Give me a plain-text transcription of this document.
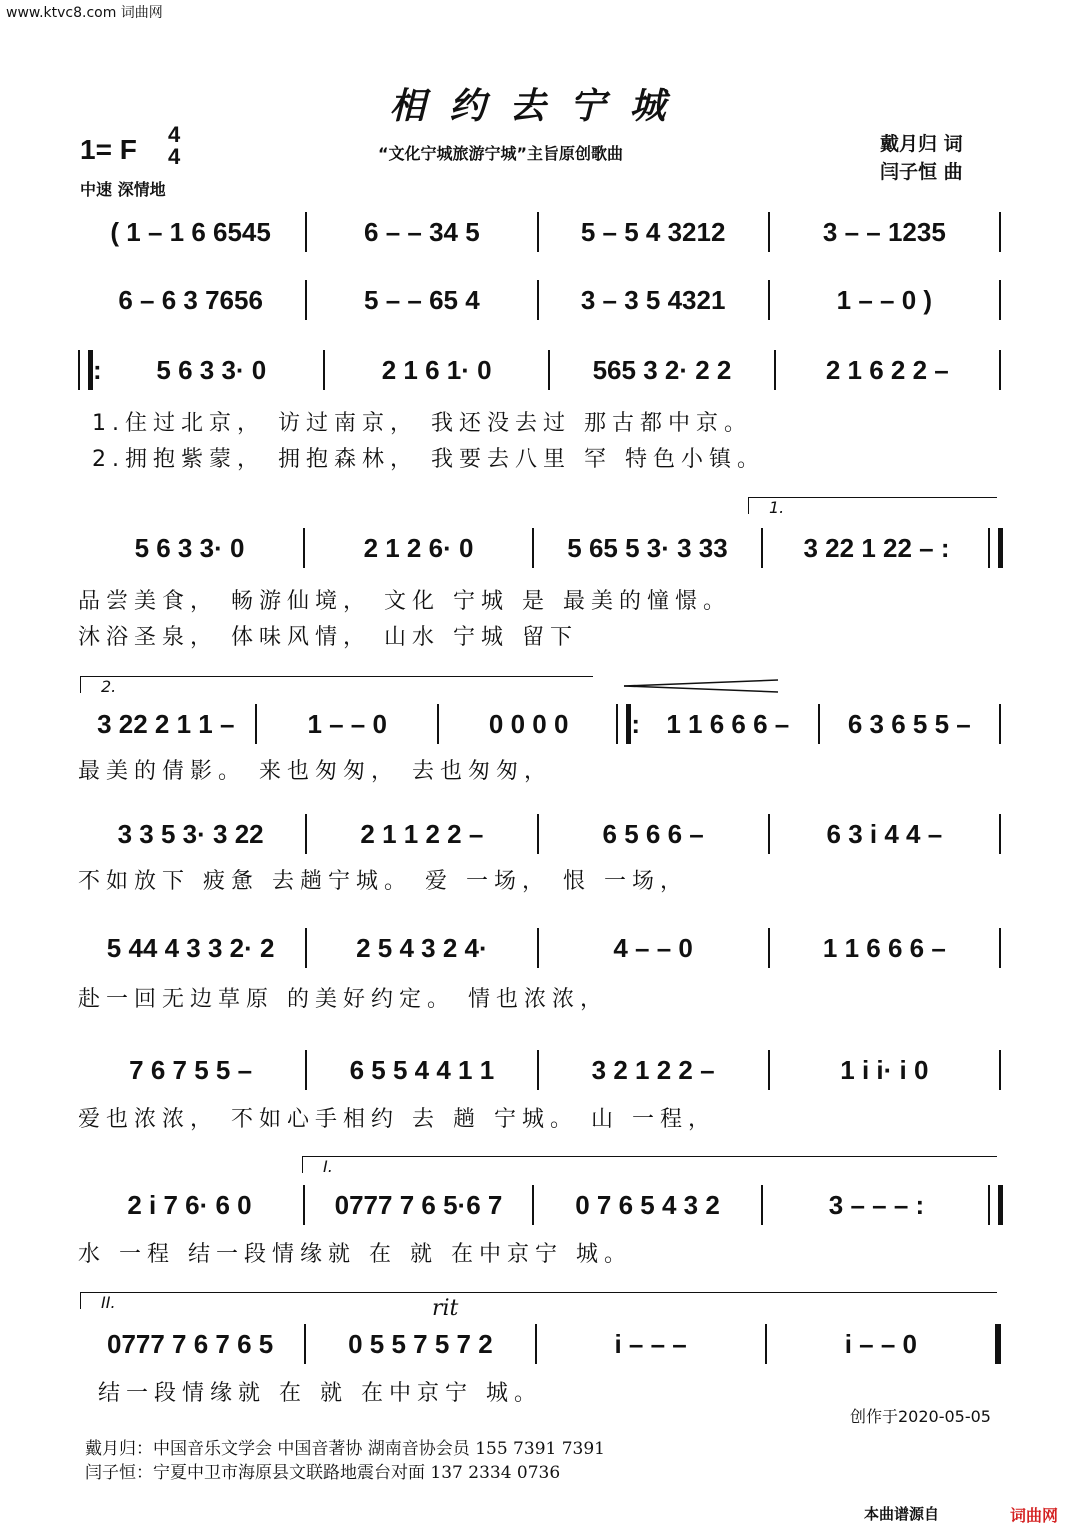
www.ktvc8.com 词曲网
相约去宁城
1= F 4
4
中速 深情地
“文化宁城旅游宁城”主旨原创歌曲	戴月归 词
闫子恒 曲
( 1 – 1 6 6545	6 – – 34 5	5 – 5 4 3212	3 – – 1235
6 – 6 3 7656	5 – – 65 4	3 – 3 5 4321	1 – – 0 )
:	5 6 3 3· 0	2 1 6 1· 0	565 3 2· 2 2	2 1 6 2 2 –
1.住过北京， 访过南京， 我还没去过 那古都中京。
2.拥抱紫蒙， 拥抱森林， 我要去八里 罕 特色小镇。
1.
5 6 3 3· 0	2 1 2 6· 0	5 65 5 3· 3 33	3 22 1 22 – :
品尝美食， 畅游仙境， 文化 宁城 是 最美的憧憬。
沐浴圣泉， 体味风情， 山水 宁城 留下
2.
3 22 2 1 1 –	1 – – 0	0 0 0 0	:	1 1 6 6 6 –	6 3 6 5 5 –
最美的倩影。 来也匆匆， 去也匆匆，
3 3 5 3· 3 22	2 1 1 2 2 –	6 5 6 6 –	6 3 i 4 4 –
不如放下 疲惫 去趟宁城。 爱 一场， 恨 一场，
5 44 4 3 3 2· 2	2 5 4 3 2 4·	4 – – 0	1 1 6 6 6 –
赴一回无边草原 的美好约定。 情也浓浓，
7 6 7 5 5 –	6 5 5 4 4 1 1	3 2 1 2 2 –	1 i i· i 0
爱也浓浓， 不如心手相约 去 趟 宁城。 山 一程，
I.
2 i 7 6· 6 0	0777 7 6 5·6 7	0 7 6 5 4 3 2	3 – – – :
水 一程 结一段情缘就 在 就 在中京宁 城。
II.	rit
0777 7 6 7 6 5	0 5 5 7 5 7 2	i – – –	i – – 0
结一段情缘就 在 就 在中京宁 城。
创作于2020-05-05
戴月归：中国音乐文学会 中国音著协 湖南音协会员 155 7391 7391
闫子恒：宁夏中卫市海原县文联路地震台对面 137 2334 0736
本曲谱源自	词曲网
